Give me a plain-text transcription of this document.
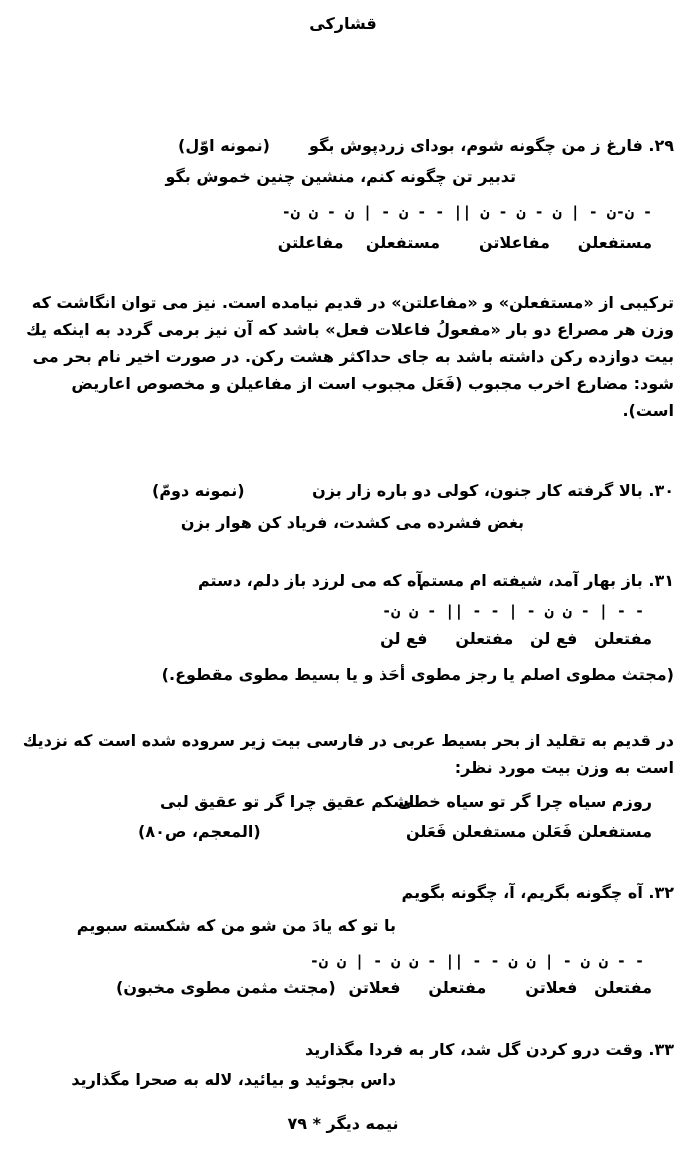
قشارکی
۲۹. فارغ ز من چگونه شوم، بودای زردپوش بگو
(نمونه اوّل)
تدبیر تن چگونه کنم، منشین چنین خموش بگو
-ن-ن - | ن - ن - ن || - - ن - | ن - ن ن -
مستفعلن     مفاعلاتن       مستفعلن    مفاعلتن

ترکیبی از «مستفعلن» و «مفاعلتن» در قدیم نیامده است. نیز می توان انگاشت که

وزن هر مصراع دو بار «مفعولُ فاعلات فعل» باشد که آن نیز برمی گردد به اینکه یك

بیت دوازده رکن داشته باشد به جای حداکثر هشت رکن. در صورت اخیر نام بحر می

شود: مضارع اخرب مجبوب (فَعَل مجبوب است از مفاعیلن و مخصوص اعاریض

است).

۳۰. بالا گرفته کار جنون، کولی دو باره زار بزن
(نمونه دومّ)
بغض فشرده می کشدت، فریاد کن هوار بزن
۳۱. باز بهار آمد، شیفته ام مستم
آه که می لرزد باز دلم، دستم
-ن ن - | - - || - ن ن - | - -
مفتعلن   فع لن   مفتعلن     فع لن
(مجتث مطوی اصلم یا رجز مطوی أحَذ و یا بسیط مطوی مقطوع.)

در قدیم به تقلید از بحر بسیط عربی در فارسی بیت زیر سروده شده است که نزدیك

است به وزن بیت مورد نظر:

روزم سیاه چرا گر تو سیاه خطی
اشکم عقیق چرا گر تو عقیق لبی
مستفعلن فَعَلن مستفعلن فَعَلن
(المعجم، ص۸۰)
۳۲. آه چگونه بگریم، آ، چگونه بگویم
با تو که یادَ من شو من که شکسته سبویم
-ن ن - | ن ن - - || - ن ن - | ن ن - -
مفتعلن   فعلاتن       مفتعلن     فعلاتن
(مجتث مثمن مطوی مخبون)
۳۳. وقت درو کردن گل شد، کار به فردا مگذارید
داس بجوئید و بیائید، لاله به صحرا مگذارید
نیمه دیگر * ۷۹
